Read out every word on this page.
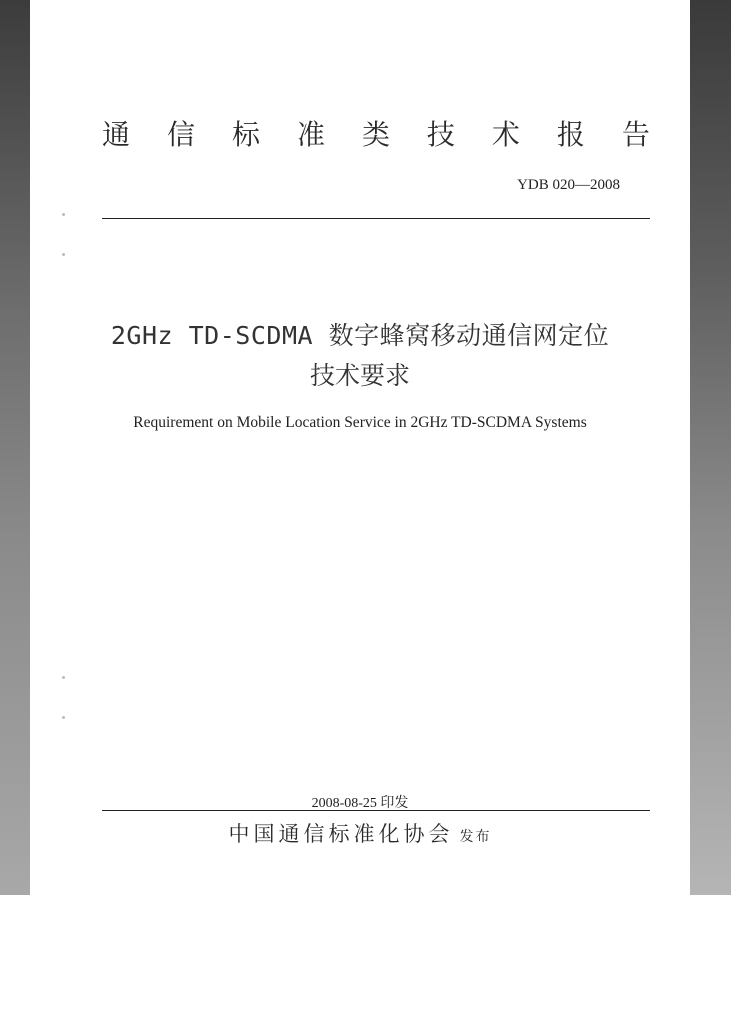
通 信 标 准 类 技 术 报 告
YDB 020—2008
2GHz TD-SCDMA 数字蜂窝移动通信网定位
技术要求
Requirement on Mobile Location Service in 2GHz TD-SCDMA Systems
2008-08-25 印发
中国通信标准化协会 发布
